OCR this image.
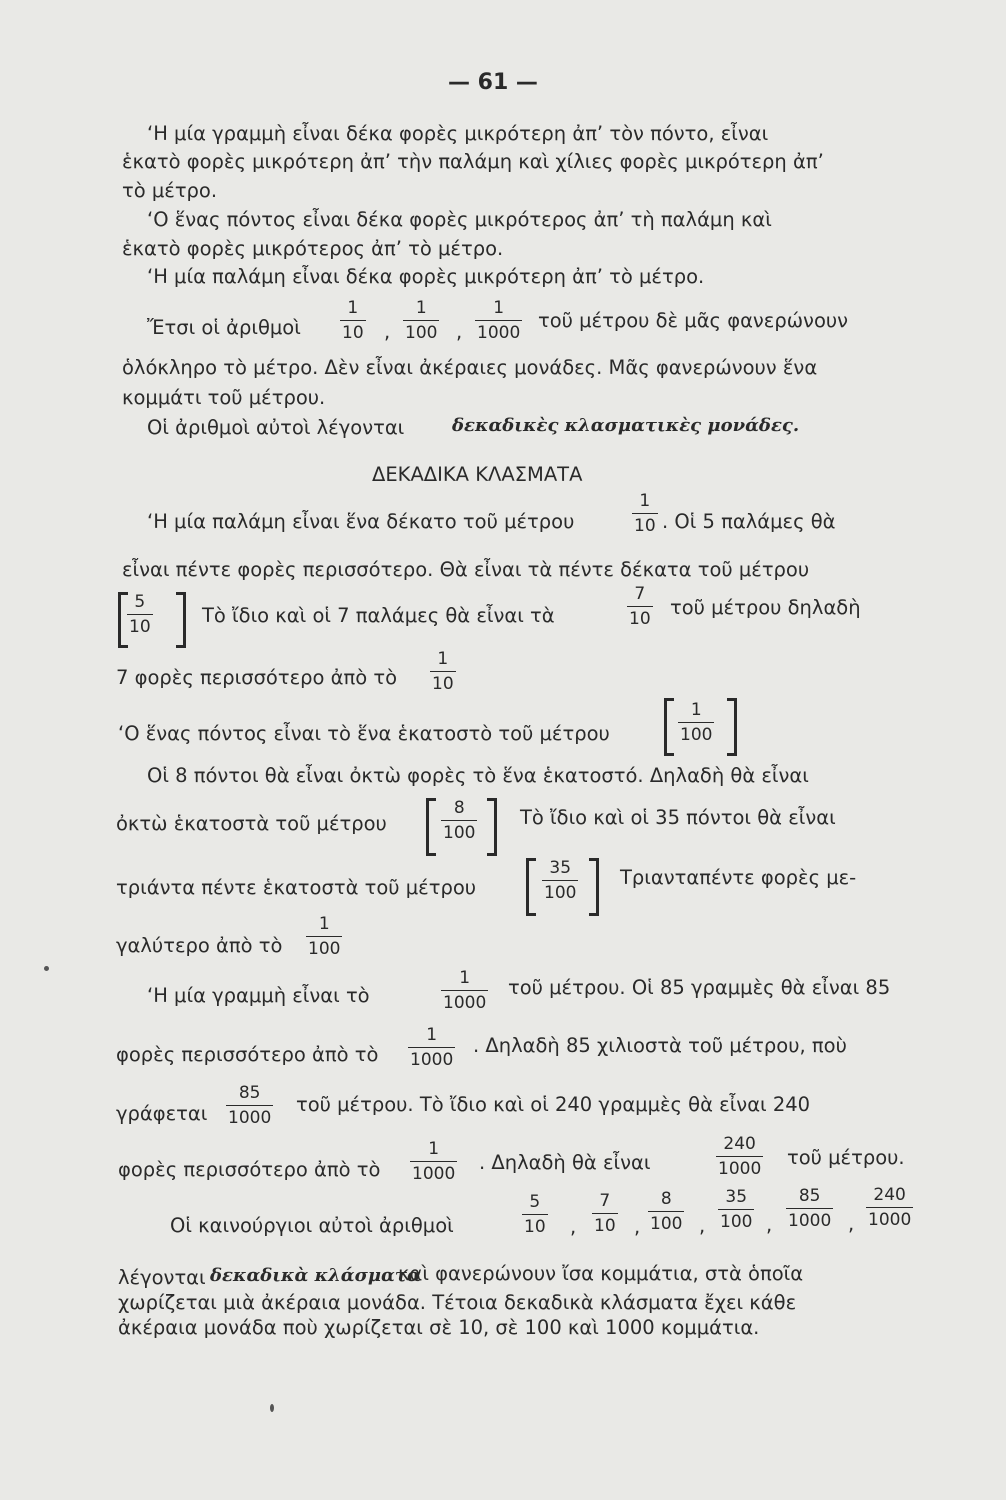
— 61 —
‘Η μία γραμμὴ εἶναι δέκα φορὲς μικρότερη ἀπ’ τὸν πόντο, εἶναι
ἑκατὸ φορὲς μικρότερη ἀπ’ τὴν παλάμη καὶ χίλιες φορὲς μικρότερη ἀπ’
τὸ μέτρο.
‘Ο ἕνας πόντος εἶναι δέκα φορὲς μικρότερος ἀπ’ τὴ παλάμη καὶ
ἑκατὸ φορὲς μικρότερος ἀπ’ τὸ μέτρο.
‘Η μία παλάμη εἶναι δέκα φορὲς μικρότερη ἀπ’ τὸ μέτρο.
Ἔτσι οἱ ἀριθμοὶ $\frac{1}{10}$ , $\frac{1}{100}$ , $\frac{1}{1000}$ τοῦ μέτρου δὲ μᾶς φανερώνουν
ὁλόκληρο τὸ μέτρο. Δὲν εἶναι ἀκέραιες μονάδες. Μᾶς φανερώνουν ἕνα
κομμάτι τοῦ μέτρου.
Οἱ ἀριθμοὶ αὐτοὶ λέγονται	δεκαδικὲς κλασματικὲς μονάδες.
ΔΕΚΑΔΙΚΑ ΚΛΑΣΜΑΤΑ
‘Η μία παλάμη εἶναι ἕνα δέκατο τοῦ μέτρου	$\frac{1}{10}$ . Οἱ 5 παλάμες θὰ
εἶναι πέντε φορὲς περισσότερο. Θὰ εἶναι τὰ πέντε δέκατα τοῦ μέτρου
$\frac{5}{10}$	Τὸ ἴδιο καὶ οἱ 7 παλάμες θὰ εἶναι τὰ	$\frac{7}{10}$ τοῦ μέτρου δηλαδὴ
7 φορὲς περισσότερο ἀπὸ τὸ $\frac{1}{10}$
‘Ο ἕνας πόντος εἶναι τὸ ἕνα ἑκατοστὸ τοῦ μέτρου	$\frac{1}{100}$
Οἱ 8 πόντοι θὰ εἶναι ὀκτὼ φορὲς τὸ ἕνα ἑκατοστό. Δηλαδὴ θὰ εἶναι
ὀκτὼ ἑκατοστὰ τοῦ μέτρου	$\frac{8}{100}$ Τὸ ἴδιο καὶ οἱ 35 πόντοι θὰ εἶναι
τριάντα πέντε ἑκατοστὰ τοῦ μέτρου	$\frac{35}{100}$ Τριανταπέντε φορὲς με-
γαλύτερο ἀπὸ τὸ $\frac{1}{100}$
‘Η μία γραμμὴ εἶναι τὸ	$\frac{1}{1000}$ τοῦ μέτρου. Οἱ 85 γραμμὲς θὰ εἶναι 85
φορὲς περισσότερο ἀπὸ τὸ $\frac{1}{1000}$ . Δηλαδὴ 85 χιλιοστὰ τοῦ μέτρου, ποὺ
γράφεται $\frac{85}{1000}$ τοῦ μέτρου. Τὸ ἴδιο καὶ οἱ 240 γραμμὲς θὰ εἶναι 240
φορὲς περισσότερο ἀπὸ τὸ $\frac{1}{1000}$ . Δηλαδὴ θὰ εἶναι	$\frac{240}{1000}$ τοῦ μέτρου.
Οἱ καινούργιοι αὐτοὶ ἀριθμοὶ	$\frac{5}{10}$ , $\frac{7}{10}$ , $\frac{8}{100}$ , $\frac{35}{100}$ , $\frac{85}{1000}$ , $\frac{240}{1000}$
λέγονται δεκαδικὰ κλάσματα
καὶ φανερώνουν ἴσα κομμάτια, στὰ ὁποῖα
χωρίζεται μιὰ ἀκέραια μονάδα. Τέτοια δεκαδικὰ κλάσματα ἔχει κάθε
ἀκέραια μονάδα ποὺ χωρίζεται σὲ 10, σὲ 100 καὶ 1000 κομμάτια.
